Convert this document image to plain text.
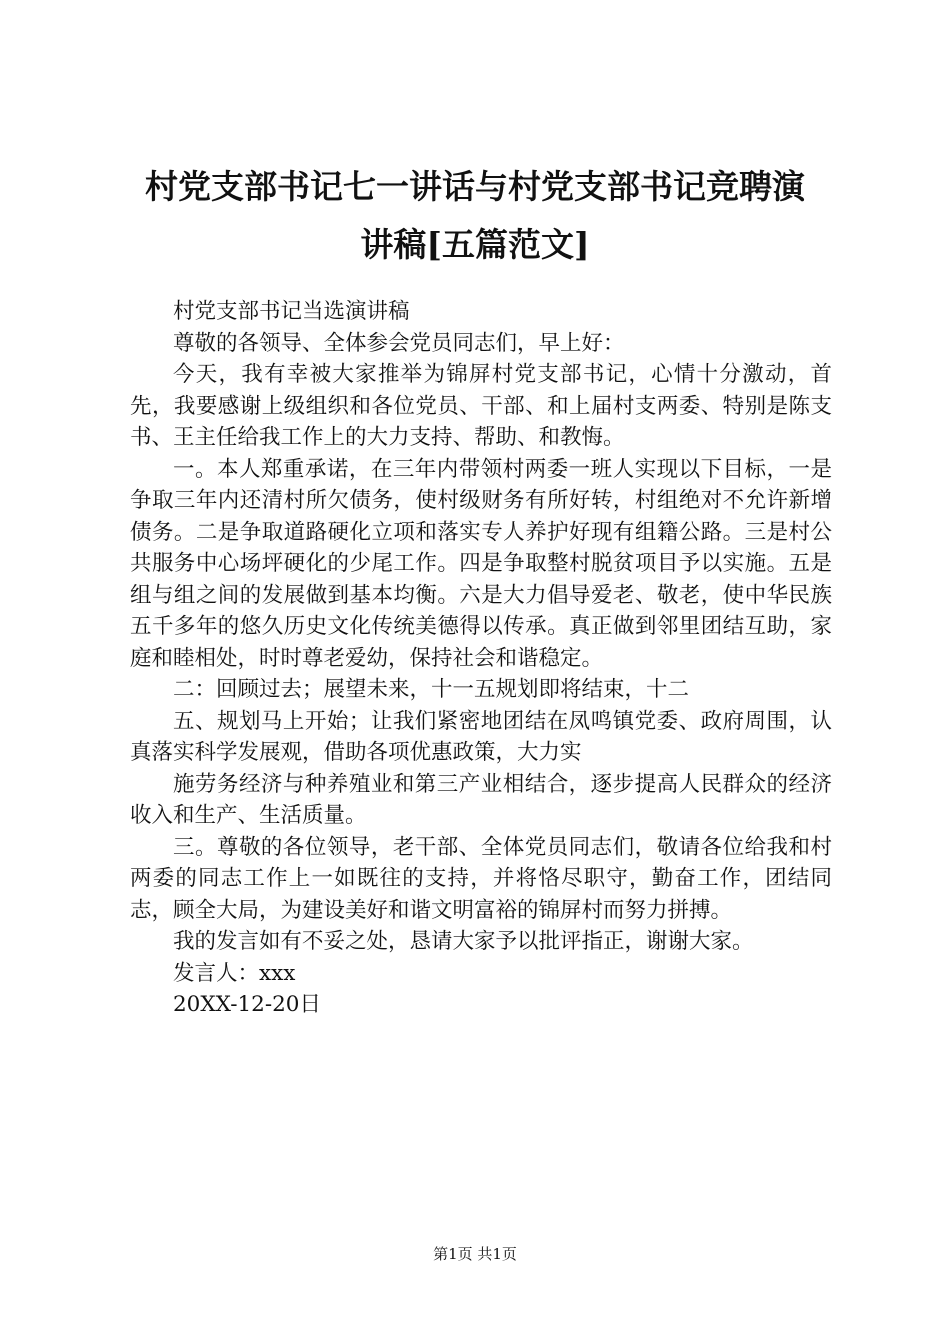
村党支部书记七一讲话与村党支部书记竞聘演
讲稿[五篇范文]

村党支部书记当选演讲稿

尊敬的各领导、全体参会党员同志们，早上好：

今天，我有幸被大家推举为锦屏村党支部书记，心情十分激动，首先，我要感谢上级组织和各位党员、干部、和上届村支两委、特别是陈支书、王主任给我工作上的大力支持、帮助、和教悔。

一。本人郑重承诺，在三年内带领村两委一班人实现以下目标，一是争取三年内还清村所欠债务，使村级财务有所好转，村组绝对不允许新增债务。二是争取道路硬化立项和落实专人养护好现有组籍公路。三是村公共服务中心场坪硬化的少尾工作。四是争取整村脱贫项目予以实施。五是组与组之间的发展做到基本均衡。六是大力倡导爱老、敬老，使中华民族五千多年的悠久历史文化传统美德得以传承。真正做到邻里团结互助，家庭和睦相处，时时尊老爱幼，保持社会和谐稳定。

二：回顾过去；展望未来，十一五规划即将结束，十二

五、规划马上开始；让我们紧密地团结在凤鸣镇党委、政府周围，认真落实科学发展观，借助各项优惠政策，大力实

施劳务经济与种养殖业和第三产业相结合，逐步提高人民群众的经济收入和生产、生活质量。

三。尊敬的各位领导，老干部、全体党员同志们，敬请各位给我和村两委的同志工作上一如既往的支持，并将恪尽职守，勤奋工作，团结同志，顾全大局，为建设美好和谐文明富裕的锦屏村而努力拼搏。

我的发言如有不妥之处，恳请大家予以批评指正，谢谢大家。

发言人：xxx

20XX-12-20日

第1页 共1页
